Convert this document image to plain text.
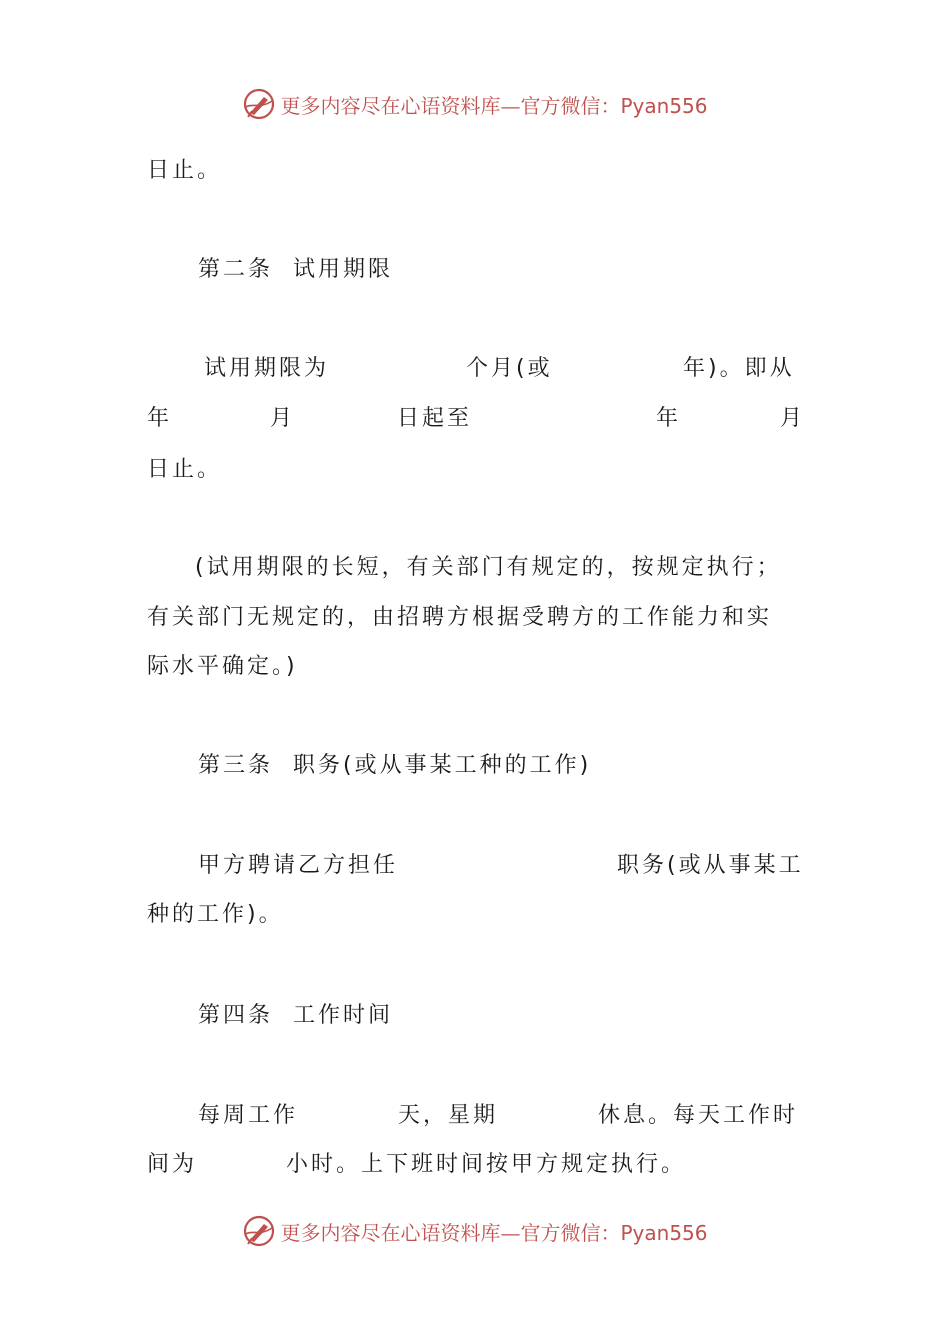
更多内容尽在心语资料库—官方微信：Pyan556
日止。
第二条  试用期限
试用期限为	个月(或	年)。即从
年	月	日起至	年	月
日止。
(试用期限的长短，有关部门有规定的，按规定执行；
有关部门无规定的，由招聘方根据受聘方的工作能力和实
际水平确定。)
第三条  职务(或从事某工种的工作)
甲方聘请乙方担任	职务(或从事某工
种的工作)。
第四条  工作时间
每周工作	天，星期	休息。每天工作时
间为	小时。上下班时间按甲方规定执行。
更多内容尽在心语资料库—官方微信：Pyan556
